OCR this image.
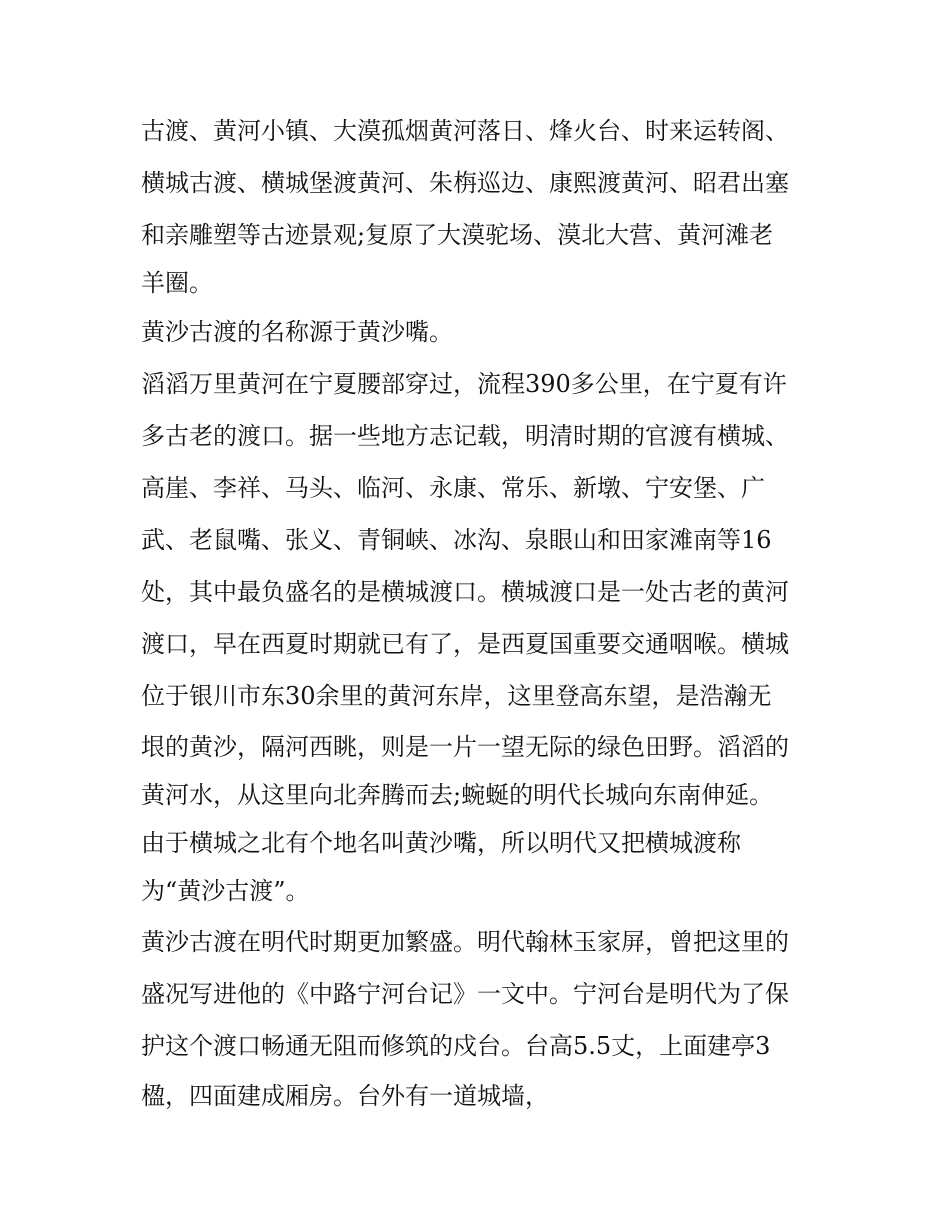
古渡、黄河小镇、大漠孤烟黄河落日、烽火台、时来运转阁、
横城古渡、横城堡渡黄河、朱栴巡边、康熙渡黄河、昭君出塞
和亲雕塑等古迹景观;复原了大漠驼场、漠北大营、黄河滩老
羊圈。
黄沙古渡的名称源于黄沙嘴。
滔滔万里黄河在宁夏腰部穿过，流程390多公里，在宁夏有许
多古老的渡口。据一些地方志记载，明清时期的官渡有横城、
高崖、李祥、马头、临河、永康、常乐、新墩、宁安堡、广
武、老鼠嘴、张义、青铜峡、冰沟、泉眼山和田家滩南等16
处，其中最负盛名的是横城渡口。横城渡口是一处古老的黄河
渡口，早在西夏时期就已有了，是西夏国重要交通咽喉。横城
位于银川市东30余里的黄河东岸，这里登高东望，是浩瀚无
垠的黄沙，隔河西眺，则是一片一望无际的绿色田野。滔滔的
黄河水，从这里向北奔腾而去;蜿蜒的明代长城向东南伸延。
由于横城之北有个地名叫黄沙嘴，所以明代又把横城渡称
为“黄沙古渡”。
黄沙古渡在明代时期更加繁盛。明代翰林玉家屏，曾把这里的
盛况写进他的《中路宁河台记》一文中。宁河台是明代为了保
护这个渡口畅通无阻而修筑的戍台。台高5.5丈，上面建亭3
楹，四面建成厢房。台外有一道城墙，
